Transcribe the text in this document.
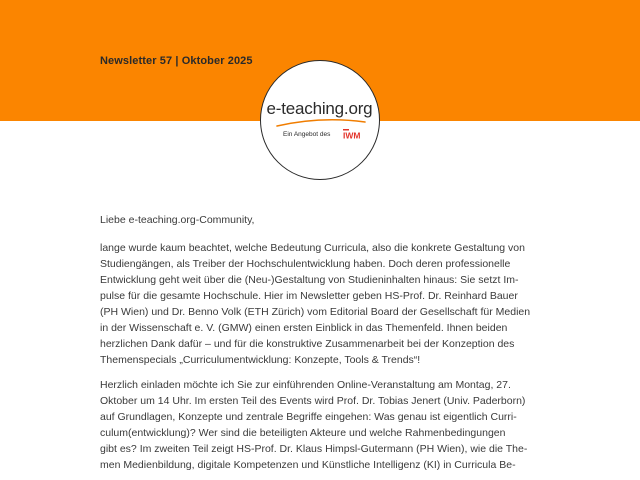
Newsletter 57 | Oktober 2025
e-teaching.org
Ein Angebot des IWM

Liebe e-teaching.org-Community,

lange wurde kaum beachtet, welche Bedeutung Curricula, also die konkrete Gestaltung von
Studiengängen, als Treiber der Hochschulentwicklung haben. Doch deren professionelle
Entwicklung geht weit über die (Neu-)Gestaltung von Studieninhalten hinaus: Sie setzt Im-
pulse für die gesamte Hochschule. Hier im Newsletter geben HS-Prof. Dr. Reinhard Bauer
(PH Wien) und Dr. Benno Volk (ETH Zürich) vom Editorial Board der Gesellschaft für Medien
in der Wissenschaft e. V. (GMW) einen ersten Einblick in das Themenfeld. Ihnen beiden
herzlichen Dank dafür – und für die konstruktive Zusammenarbeit bei der Konzeption des
Themenspecials „Curriculumentwicklung: Konzepte, Tools & Trends“!

Herzlich einladen möchte ich Sie zur einführenden Online-Veranstaltung am Montag, 27.
Oktober um 14 Uhr. Im ersten Teil des Events wird Prof. Dr. Tobias Jenert (Univ. Paderborn)
auf Grundlagen, Konzepte und zentrale Begriffe eingehen: Was genau ist eigentlich Curri-
culum(entwicklung)? Wer sind die beteiligten Akteure und welche Rahmenbedingungen
gibt es? Im zweiten Teil zeigt HS-Prof. Dr. Klaus Himpsl-Gutermann (PH Wien), wie die The-
men Medienbildung, digitale Kompetenzen und Künstliche Intelligenz (KI) in Curricula Be-
